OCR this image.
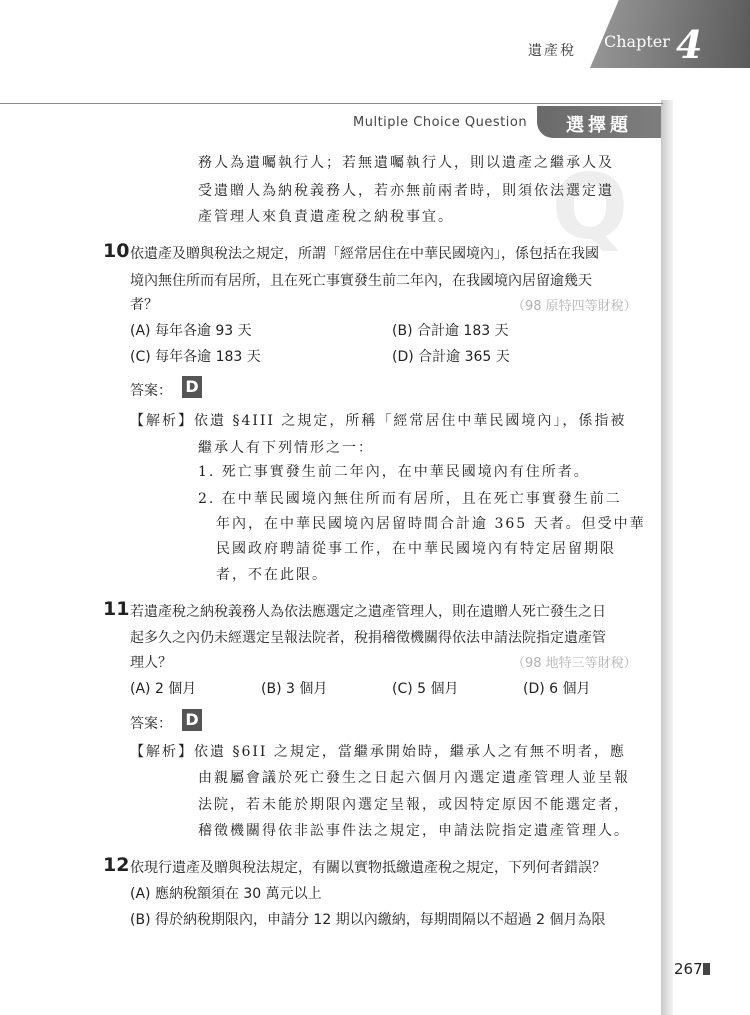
遺產稅 Chapter 4
Multiple Choice Question 選擇題
Q
務人為遺囑執行人；若無遺囑執行人，則以遺產之繼承人及
受遺贈人為納稅義務人，若亦無前兩者時，則須依法選定遺
產管理人來負責遺產稅之納稅事宜。
10 依遺產及贈與稅法之規定，所謂「經常居住在中華民國境內」，係包括在我國
境內無住所而有居所，且在死亡事實發生前二年內，在我國境內居留逾幾天
者？	（98 原特四等財稅）
(A) 每年各逾 93 天	(B) 合計逾 183 天
(C) 每年各逾 183 天	(D) 合計逾 365 天
答案： D
【解析】依遺 §4III 之規定，所稱「經常居住中華民國境內」，係指被
繼承人有下列情形之一：
1. 死亡事實發生前二年內，在中華民國境內有住所者。
2. 在中華民國境內無住所而有居所，且在死亡事實發生前二
年內，在中華民國境內居留時間合計逾 365 天者。但受中華
民國政府聘請從事工作，在中華民國境內有特定居留期限
者，不在此限。
11 若遺產稅之納稅義務人為依法應選定之遺產管理人，則在遺贈人死亡發生之日
起多久之內仍未經選定呈報法院者，稅捐稽徵機關得依法申請法院指定遺產管
理人？	（98 地特三等財稅）
(A) 2 個月	(B) 3 個月	(C) 5 個月	(D) 6 個月
答案： D
【解析】依遺 §6II 之規定，當繼承開始時，繼承人之有無不明者，應
由親屬會議於死亡發生之日起六個月內選定遺產管理人並呈報
法院，若未能於期限內選定呈報，或因特定原因不能選定者，
稽徵機關得依非訟事件法之規定，申請法院指定遺產管理人。
12 依現行遺產及贈與稅法規定，有關以實物抵繳遺產稅之規定，下列何者錯誤？
(A) 應納稅額須在 30 萬元以上
(B) 得於納稅期限內，申請分 12 期以內繳納，每期間隔以不超過 2 個月為限
267
